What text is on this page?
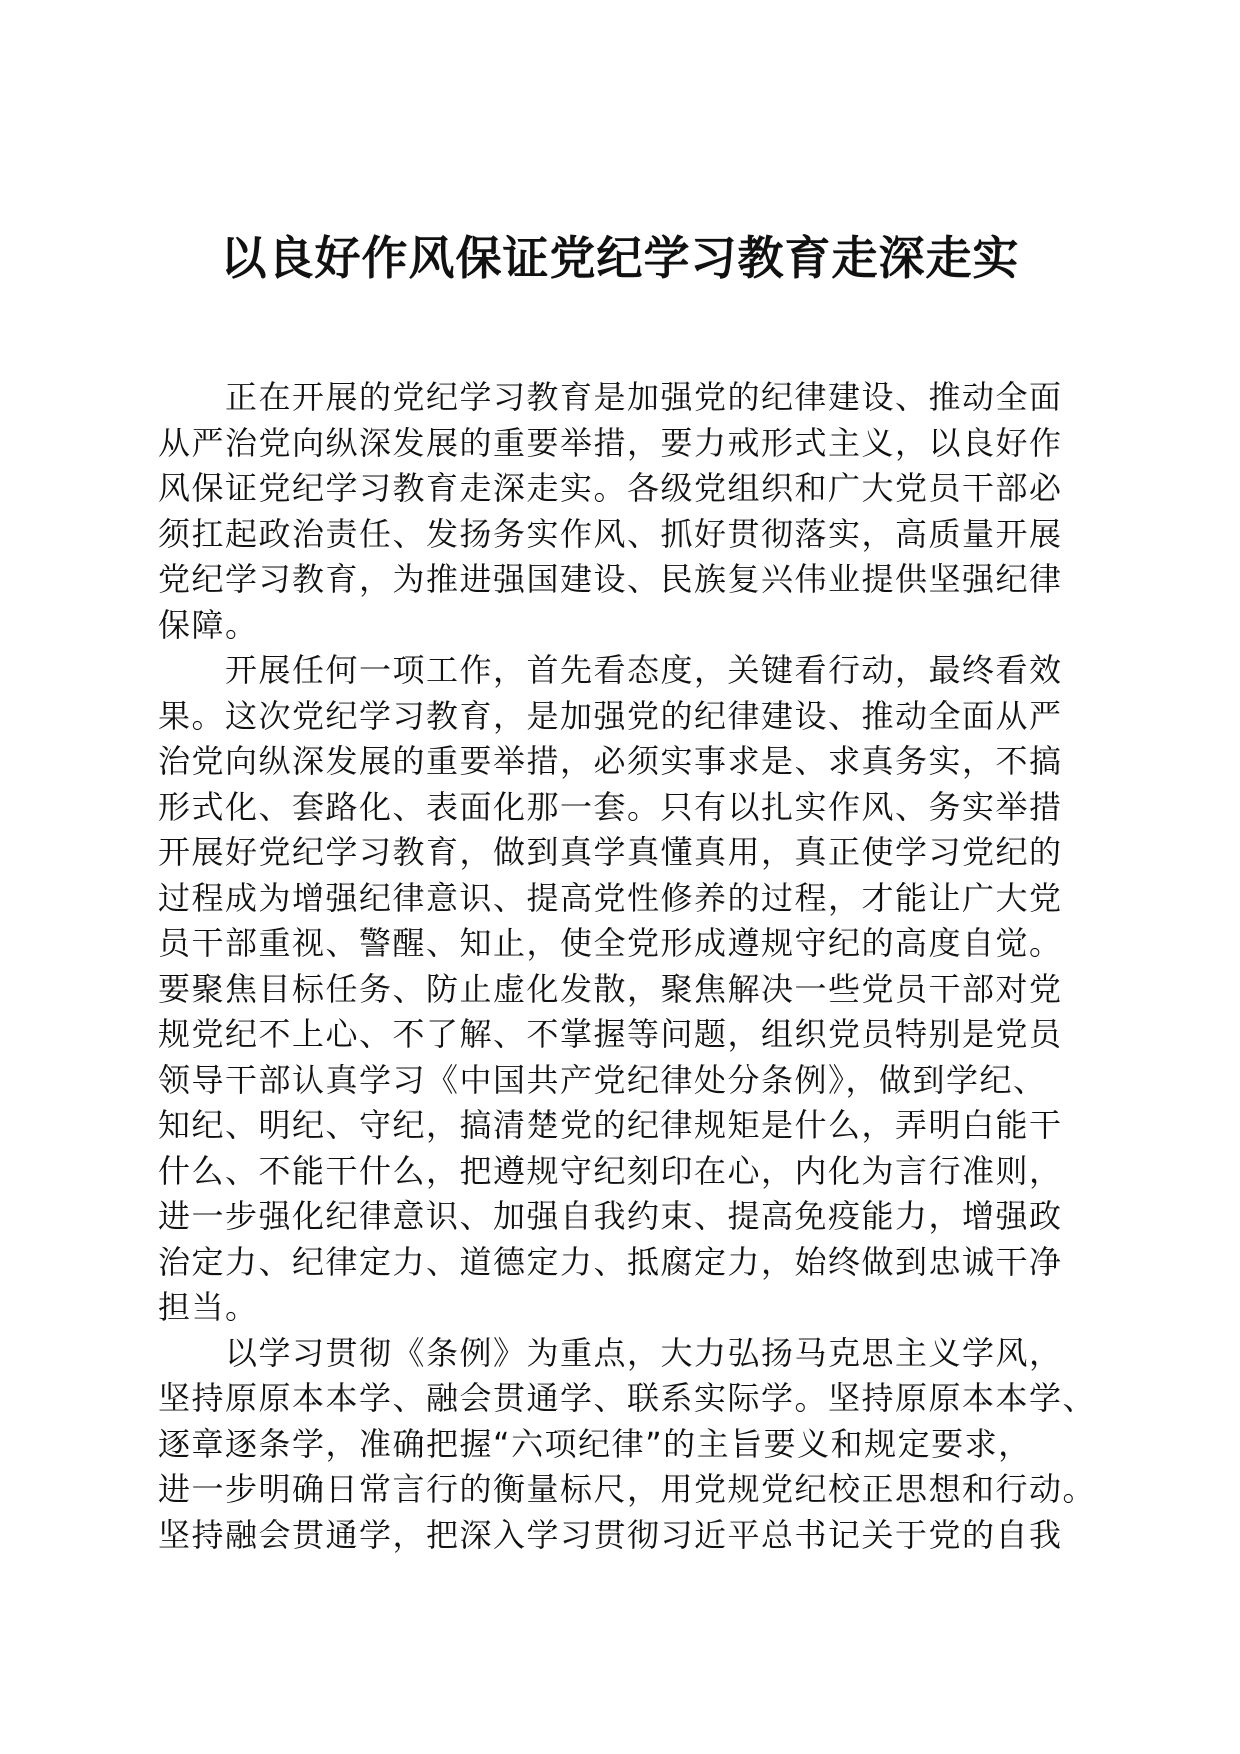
以良好作风保证党纪学习教育走深走实
　　正在开展的党纪学习教育是加强党的纪律建设、推动全面
从严治党向纵深发展的重要举措，要力戒形式主义，以良好作
风保证党纪学习教育走深走实。各级党组织和广大党员干部必
须扛起政治责任、发扬务实作风、抓好贯彻落实，高质量开展
党纪学习教育，为推进强国建设、民族复兴伟业提供坚强纪律
保障。
　　开展任何一项工作，首先看态度，关键看行动，最终看效
果。这次党纪学习教育，是加强党的纪律建设、推动全面从严
治党向纵深发展的重要举措，必须实事求是、求真务实，不搞
形式化、套路化、表面化那一套。只有以扎实作风、务实举措
开展好党纪学习教育，做到真学真懂真用，真正使学习党纪的
过程成为增强纪律意识、提高党性修养的过程，才能让广大党
员干部重视、警醒、知止，使全党形成遵规守纪的高度自觉。
要聚焦目标任务、防止虚化发散，聚焦解决一些党员干部对党
规党纪不上心、不了解、不掌握等问题，组织党员特别是党员
领导干部认真学习《中国共产党纪律处分条例》，做到学纪、
知纪、明纪、守纪，搞清楚党的纪律规矩是什么，弄明白能干
什么、不能干什么，把遵规守纪刻印在心，内化为言行准则，
进一步强化纪律意识、加强自我约束、提高免疫能力，增强政
治定力、纪律定力、道德定力、抵腐定力，始终做到忠诚干净
担当。
　　以学习贯彻《条例》为重点，大力弘扬马克思主义学风，
坚持原原本本学、融会贯通学、联系实际学。坚持原原本本学、
逐章逐条学，准确把握“六项纪律”的主旨要义和规定要求，
进一步明确日常言行的衡量标尺，用党规党纪校正思想和行动。
坚持融会贯通学，把深入学习贯彻习近平总书记关于党的自我
